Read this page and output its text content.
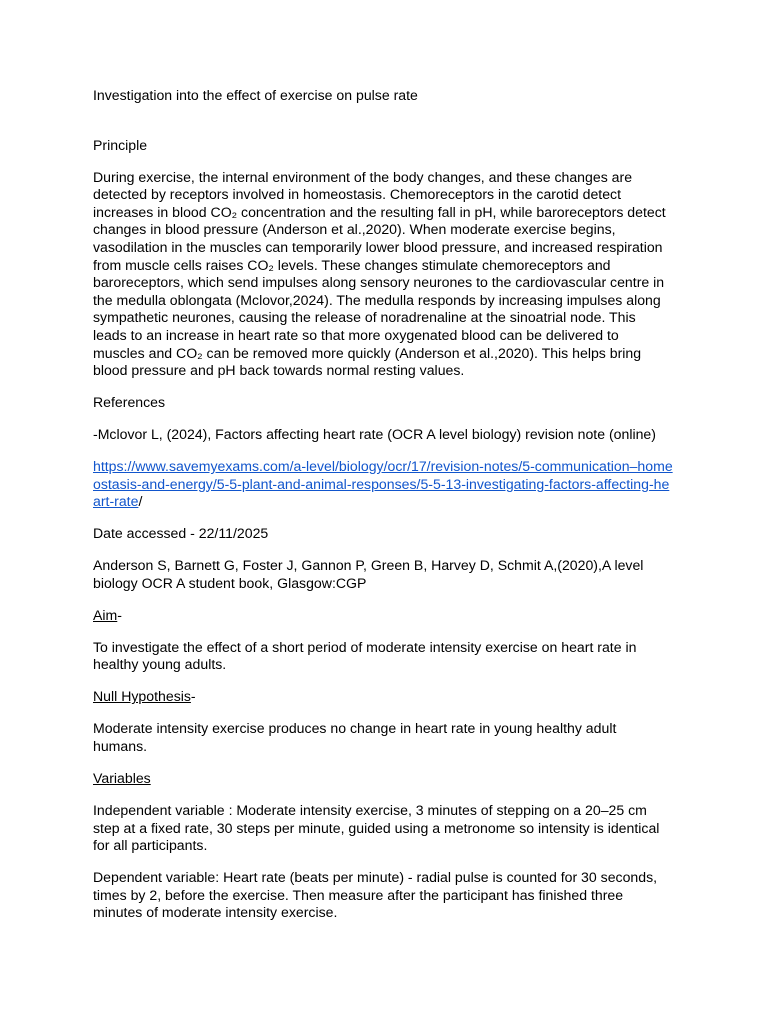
Investigation into the effect of exercise on pulse rate

Principle

During exercise, the internal environment of the body changes, and these changes are
detected by receptors involved in homeostasis. Chemoreceptors in the carotid detect
increases in blood CO₂ concentration and the resulting fall in pH, while baroreceptors detect
changes in blood pressure (Anderson et al.,2020). When moderate exercise begins,
vasodilation in the muscles can temporarily lower blood pressure, and increased respiration
from muscle cells raises CO₂ levels. These changes stimulate chemoreceptors and
baroreceptors, which send impulses along sensory neurones to the cardiovascular centre in
the medulla oblongata (Mclovor,2024). The medulla responds by increasing impulses along
sympathetic neurones, causing the release of noradrenaline at the sinoatrial node. This
leads to an increase in heart rate so that more oxygenated blood can be delivered to
muscles and CO₂ can be removed more quickly (Anderson et al.,2020). This helps bring
blood pressure and pH back towards normal resting values.

References

-Mclovor L, (2024), Factors affecting heart rate (OCR A level biology) revision note (online)

https://www.savemyexams.com/a-level/biology/ocr/17/revision-notes/5-communication–homeostasis-and-energy/5-5-plant-and-animal-responses/5-5-13-investigating-factors-affecting-heart-rate/

Date accessed - 22/11/2025

Anderson S, Barnett G, Foster J, Gannon P, Green B, Harvey D, Schmit A,(2020),A level
biology OCR A student book, Glasgow:CGP

Aim-

To investigate the effect of a short period of moderate intensity exercise on heart rate in
healthy young adults.

Null Hypothesis-

Moderate intensity exercise produces no change in heart rate in young healthy adult
humans.

Variables

Independent variable : Moderate intensity exercise, 3 minutes of stepping on a 20–25 cm
step at a fixed rate, 30 steps per minute, guided using a metronome so intensity is identical
for all participants.

Dependent variable: Heart rate (beats per minute) - radial pulse is counted for 30 seconds,
times by 2, before the exercise. Then measure after the participant has finished three
minutes of moderate intensity exercise.
